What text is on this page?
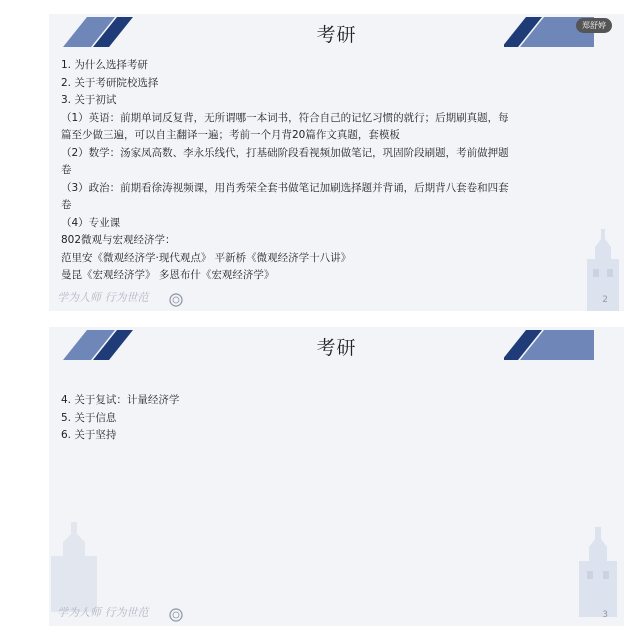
考研	郑舒婷
1. 为什么选择考研
2. 关于考研院校选择
3. 关于初试
（1）英语：前期单词反复背，无所谓哪一本词书，符合自己的记忆习惯的就行；后期刷真题，每
篇至少做三遍，可以自主翻译一遍；考前一个月背20篇作文真题，套模板
（2）数学：汤家凤高数、李永乐线代，打基础阶段看视频加做笔记，巩固阶段刷题，考前做押题
卷
（3）政治：前期看徐涛视频课，用肖秀荣全套书做笔记加刷选择题并背诵，后期背八套卷和四套
卷
（4）专业课
802微观与宏观经济学：
范里安《微观经济学·现代观点》 平新桥《微观经济学十八讲》
曼昆《宏观经济学》 多恩布什《宏观经济学》
学为人师 行为世范	2
考研
4. 关于复试：计量经济学
5. 关于信息
6. 关于坚持
学为人师 行为世范	3
